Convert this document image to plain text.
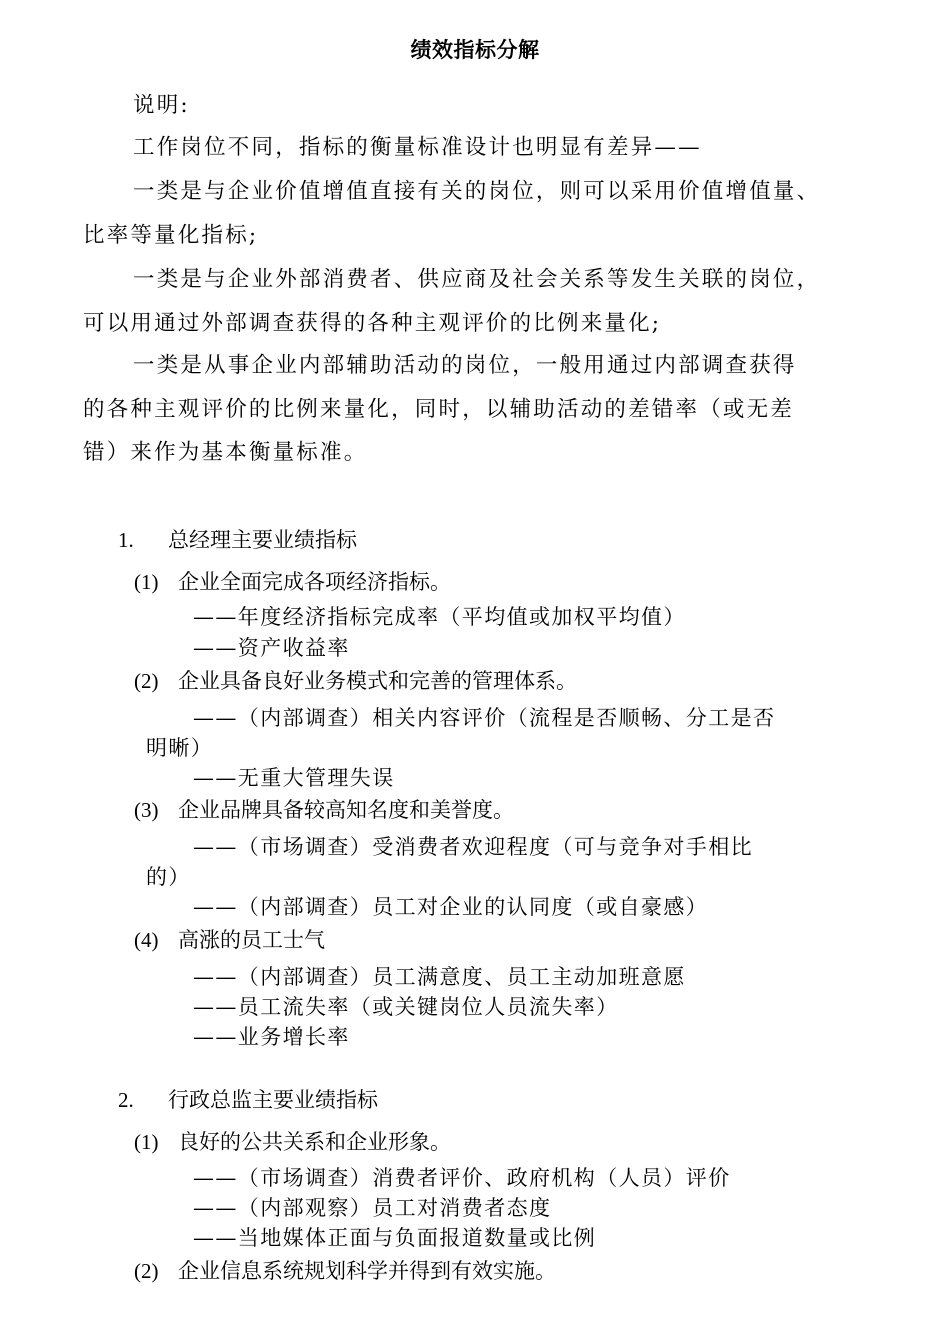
绩效指标分解
说明:
工作岗位不同，指标的衡量标准设计也明显有差异——
一类是与企业价值增值直接有关的岗位，则可以采用价值增值量、
比率等量化指标;
一类是与企业外部消费者、供应商及社会关系等发生关联的岗位，
可以用通过外部调查获得的各种主观评价的比例来量化;
一类是从事企业内部辅助活动的岗位，一般用通过内部调查获得
的各种主观评价的比例来量化，同时，以辅助活动的差错率（或无差
错）来作为基本衡量标准。
1. 总经理主要业绩指标
(1) 企业全面完成各项经济指标。
——年度经济指标完成率（平均值或加权平均值）
——资产收益率
(2) 企业具备良好业务模式和完善的管理体系。
——（内部调查）相关内容评价（流程是否顺畅、分工是否
明晰）
——无重大管理失误
(3) 企业品牌具备较高知名度和美誉度。
——（市场调查）受消费者欢迎程度（可与竞争对手相比
的）
——（内部调查）员工对企业的认同度（或自豪感）
(4) 高涨的员工士气
——（内部调查）员工满意度、员工主动加班意愿
——员工流失率（或关键岗位人员流失率）
——业务增长率
2. 行政总监主要业绩指标
(1) 良好的公共关系和企业形象。
——（市场调查）消费者评价、政府机构（人员）评价
——（内部观察）员工对消费者态度
——当地媒体正面与负面报道数量或比例
(2) 企业信息系统规划科学并得到有效实施。
